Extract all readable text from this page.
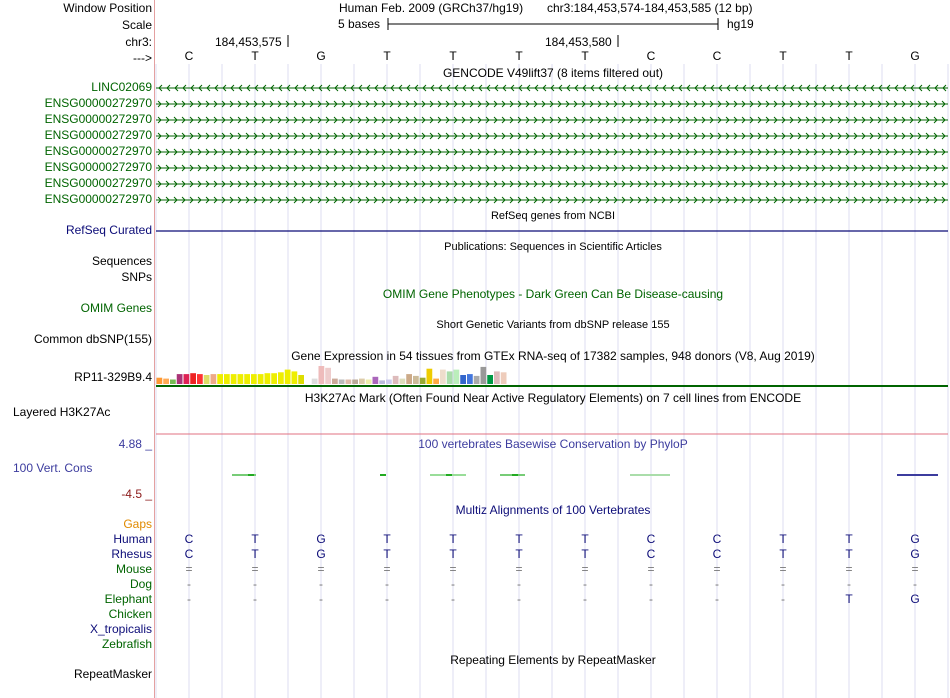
Window Position	Human Feb. 2009 (GRCh37/hg19) chr3:184,453,574-184,453,585 (12 bp)
Scale	5 bases	hg19
chr3:	184,453,575	184,453,580
--->	C	T	G	T	T	T	T	C	C	T	T	G
GENCODE V49lift37 (8 items filtered out)
LINC02069
ENSG00000272970
ENSG00000272970
ENSG00000272970
ENSG00000272970
ENSG00000272970
ENSG00000272970
ENSG00000272970
RefSeq genes from NCBI
RefSeq Curated
Publications: Sequences in Scientific Articles
Sequences
SNPs
OMIM Gene Phenotypes - Dark Green Can Be Disease-causing
OMIM Genes
Short Genetic Variants from dbSNP release 155
Common dbSNP(155)
Gene Expression in 54 tissues from GTEx RNA-seq of 17382 samples, 948 donors (V8, Aug 2019)
RP11-329B9.4
H3K27Ac Mark (Often Found Near Active Regulatory Elements) on 7 cell lines from ENCODE
Layered H3K27Ac
100 vertebrates Basewise Conservation by PhyloP
4.88 _
100 Vert. Cons
-4.5 _
Multiz Alignments of 100 Vertebrates
Gaps
Human	C	T	G	T	T	T	T	C	C	T	T	G
Rhesus	C	T	G	T	T	T	T	C	C	T	T	G
Mouse	=	=	=	=	=	=	=	=	=	=	=	=
Dog	-	-	-	-	-	-	-	-	-	-	-	-
Elephant	-	-	-	-	-	-	-	-	-	-	T	G
Chicken
X_tropicalis
Zebrafish
Repeating Elements by RepeatMasker
RepeatMasker
